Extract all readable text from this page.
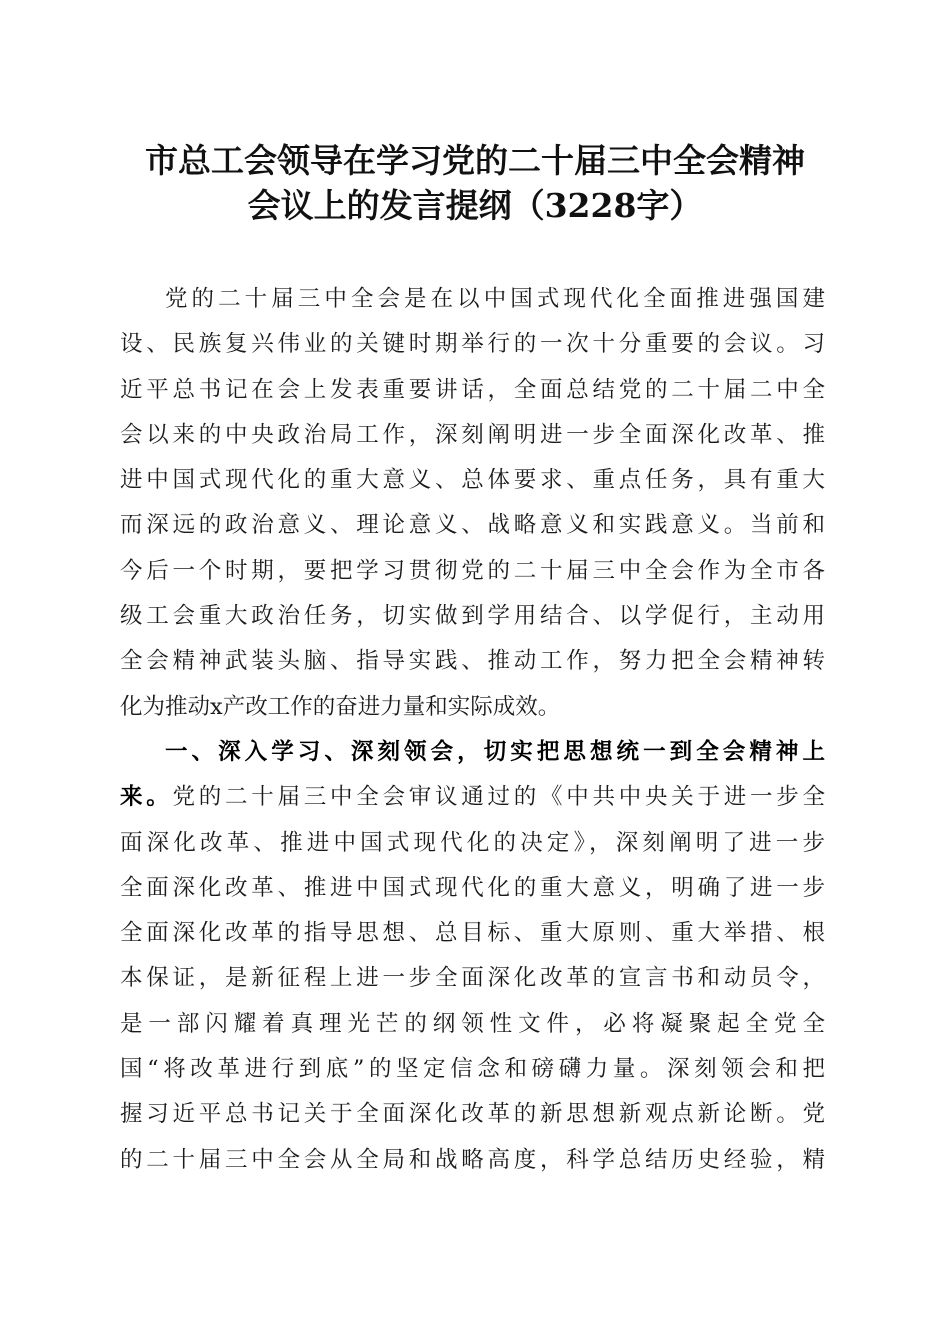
市总工会领导在学习党的二十届三中全会精神
会议上的发言提纲（3228字）
党的二十届三中全会是在以中国式现代化全面推进强国建
设、民族复兴伟业的关键时期举行的一次十分重要的会议。习
近平总书记在会上发表重要讲话，全面总结党的二十届二中全
会以来的中央政治局工作，深刻阐明进一步全面深化改革、推
进中国式现代化的重大意义、总体要求、重点任务，具有重大
而深远的政治意义、理论意义、战略意义和实践意义。当前和
今后一个时期，要把学习贯彻党的二十届三中全会作为全市各
级工会重大政治任务，切实做到学用结合、以学促行，主动用
全会精神武装头脑、指导实践、推动工作，努力把全会精神转
化为推动x产改工作的奋进力量和实际成效。
一、深入学习、深刻领会，切实把思想统一到全会精神上
来。党的二十届三中全会审议通过的《中共中央关于进一步全
面深化改革、推进中国式现代化的决定》，深刻阐明了进一步
全面深化改革、推进中国式现代化的重大意义，明确了进一步
全面深化改革的指导思想、总目标、重大原则、重大举措、根
本保证，是新征程上进一步全面深化改革的宣言书和动员令，
是一部闪耀着真理光芒的纲领性文件，必将凝聚起全党全
国“将改革进行到底”的坚定信念和磅礴力量。深刻领会和把
握习近平总书记关于全面深化改革的新思想新观点新论断。党
的二十届三中全会从全局和战略高度，科学总结历史经验，精
